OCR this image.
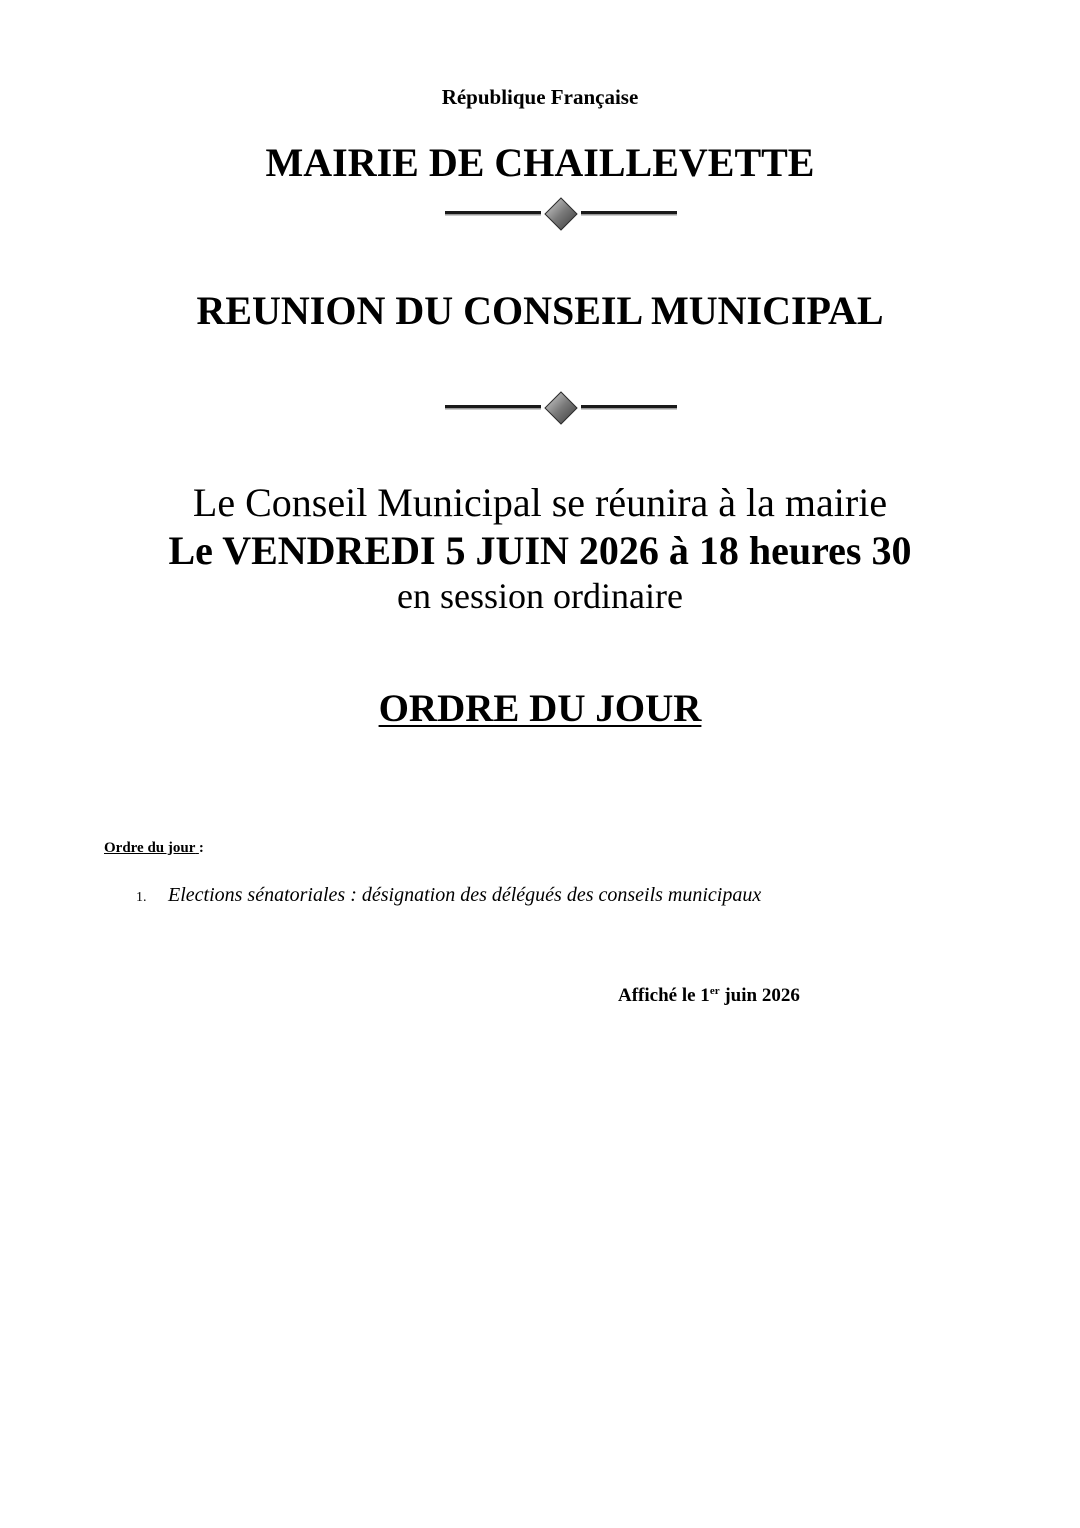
République Française

MAIRIE DE CHAILLEVETTE

REUNION DU CONSEIL MUNICIPAL

Le Conseil Municipal se réunira à la mairie

Le VENDREDI 5 JUIN 2026 à 18 heures 30

en session ordinaire

ORDRE DU JOUR

Ordre du jour :

1. Elections sénatoriales : désignation des délégués des conseils municipaux

Affiché le 1er juin 2026
